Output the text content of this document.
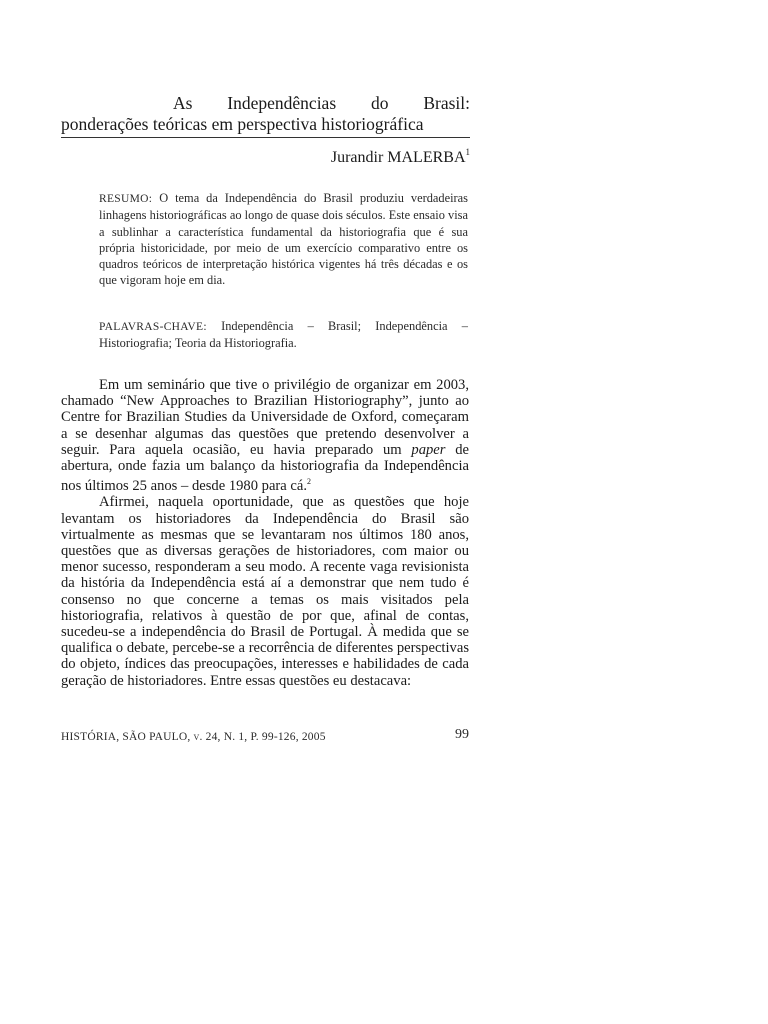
As Independências do Brasil:
ponderações teóricas em perspectiva historiográfica
Jurandir MALERBA$^1$
RESUMO: O tema da Independência do Brasil produziu verdadeiras linhagens historiográficas ao longo de quase dois séculos. Este ensaio visa a sublinhar a característica fundamental da historiografia que é sua própria historicidade, por meio de um exercício comparativo entre os quadros teóricos de interpretação histórica vigentes há três décadas e os que vigoram hoje em dia.
PALAVRAS-CHAVE: Independência – Brasil; Independência – Historiografia; Teoria da Historiografia.

Em um seminário que tive o privilégio de organizar em 2003, chamado “New Approaches to Brazilian Historiography”, junto ao Centre for Brazilian Studies da Universidade de Oxford, começaram a se desenhar algumas das questões que pretendo desenvolver a seguir. Para aquela ocasião, eu havia preparado um paper de abertura, onde fazia um balanço da historiografia da Independência nos últimos 25 anos – desde 1980 para cá.$^2$

Afirmei, naquela oportunidade, que as questões que hoje levantam os historiadores da Independência do Brasil são virtualmente as mesmas que se levantaram nos últimos 180 anos, questões que as diversas gerações de historiadores, com maior ou menor sucesso, responderam a seu modo. A recente vaga revisionista da história da Independência está aí a demonstrar que nem tudo é consenso no que concerne a temas os mais visitados pela historiografia, relativos à questão de por que, afinal de contas, sucedeu-se a independência do Brasil de Portugal. À medida que se qualifica o debate, percebe-se a recorrência de diferentes perspectivas do objeto, índices das preocupações, interesses e habilidades de cada geração de historiadores. Entre essas questões eu destacava:

HISTÓRIA, SÃO PAULO, v. 24, N. 1, P. 99-126, 2005	99
